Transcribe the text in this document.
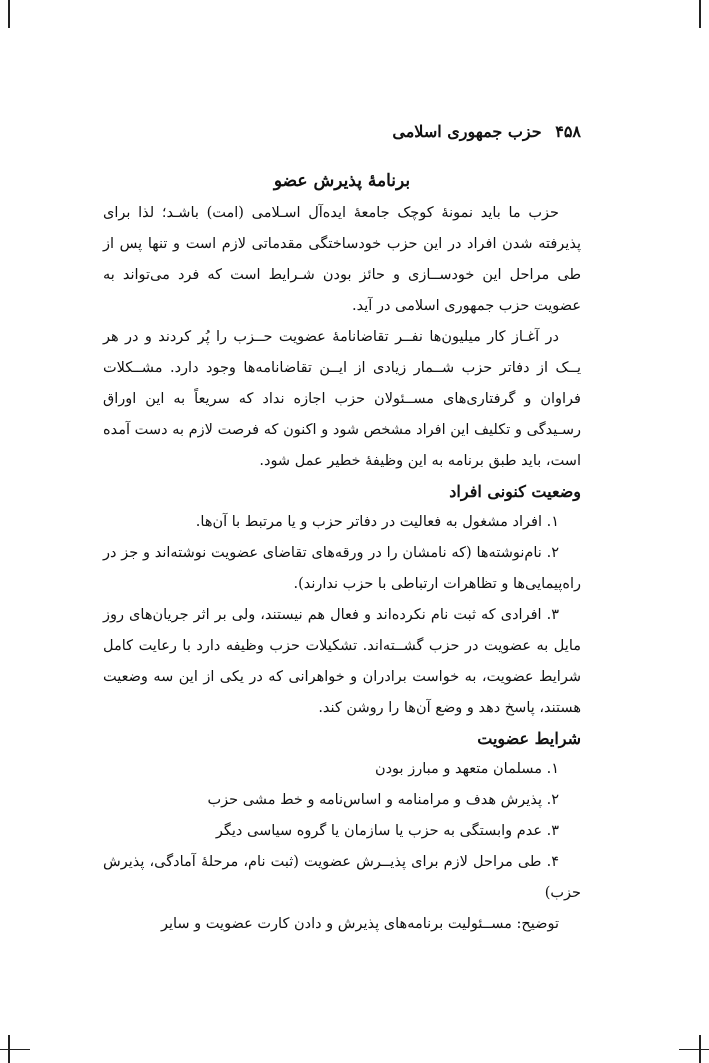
۴۵۸ حزب جمهوری اسلامی
برنامهٔ پذیرش عضو

حزب ما باید نمونهٔ کوچک جامعهٔ ایده‌آل اسـلامی (امت) باشـد؛ لذا برای پذیرفته شدن افراد در این حزب خودساختگی مقدماتی لازم است و تنها پس از طی مراحل این خودســازی و حائز بودن شـرایط است که فرد می‌تواند به عضویت حزب جمهوری اسلامی در آید.

در آغـاز کار میلیون‌ها نفــر تقاضانامهٔ عضویت حــزب را پُر کردند و در هر یــک از دفاتر حزب شــمار زیادی از ایــن تقاضانامه‌ها وجود دارد. مشــکلات فراوان و گرفتاری‌های مســئولان حزب اجازه نداد که سریعاً به این اوراق رسـیدگی و تکلیف این افراد مشخص شود و اکنون که فرصت لازم به دست آمده است، باید طبق برنامه به این وظیفهٔ خطیر عمل شود.

وضعیت کنونی افراد
۱. افراد مشغول به فعالیت در دفاتر حزب و یا مرتبط با آن‌ها.
۲. نام‌نوشته‌ها (که نامشان را در ورقه‌های تقاضای عضویت نوشته‌اند و جز در راه‌پیمایی‌ها و تظاهرات ارتباطی با حزب ندارند).
۳. افرادی که ثبت نام نکرده‌اند و فعال هم نیستند، ولی بر اثر جریان‌های روز مایل به عضویت در حزب گشــته‌اند. تشکیلات حزب وظیفه دارد با رعایت کامل شرایط عضویت، به خواست برادران و خواهرانی که در یکی از این سه وضعیت هستند، پاسخ دهد و وضع آن‌ها را روشن کند.
شرایط عضویت
۱. مسلمان متعهد و مبارز بودن
۲. پذیرش هدف و مرامنامه و اساس‌نامه و خط مشی حزب
۳. عدم وابستگی به حزب یا سازمان یا گروه سیاسی دیگر
۴. طی مراحل لازم برای پذیــرش عضویت (ثبت نام، مرحلهٔ آمادگی، پذیرش حزب)

توضیح: مســئولیت برنامه‌های پذیرش و دادن کارت عضویت و سایر
